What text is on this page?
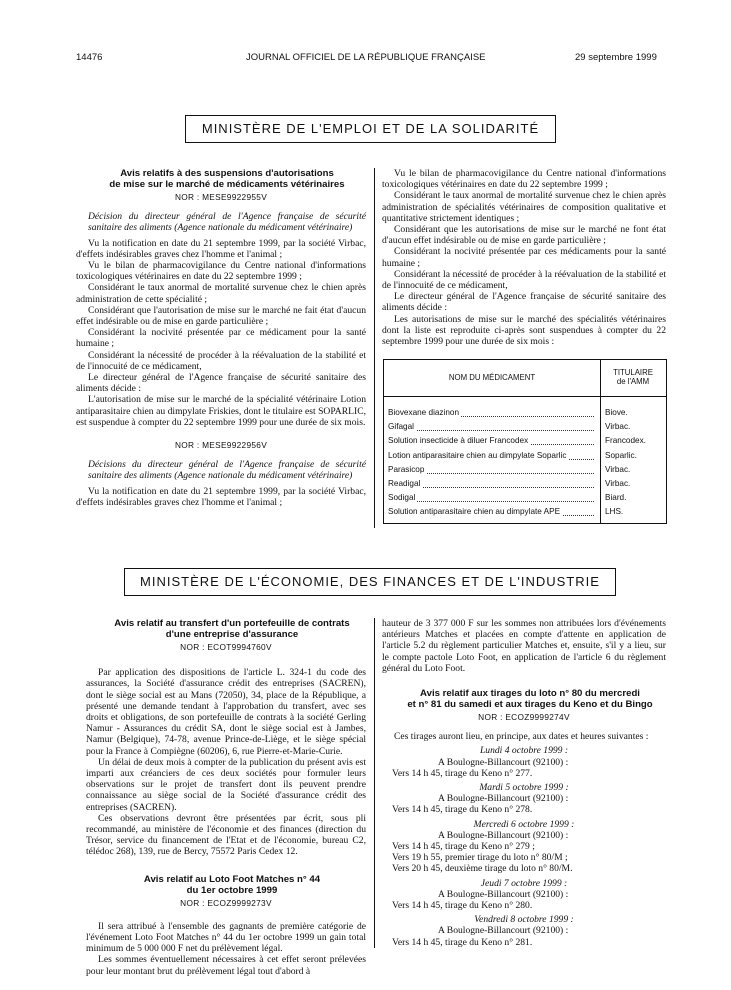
14476	JOURNAL OFFICIEL DE LA RÉPUBLIQUE FRANÇAISE	29 septembre 1999
MINISTÈRE DE L'EMPLOI ET DE LA SOLIDARITÉ

Avis relatifs à des suspensions d'autorisations

de mise sur le marché de médicaments vétérinaires

NOR : MESE9922955V

Décision du directeur général de l'Agence française de sécurité sanitaire des aliments (Agence nationale du médicament vétérinaire)

Vu la notification en date du 21 septembre 1999, par la société Virbac, d'effets indésirables graves chez l'homme et l'animal ;

Vu le bilan de pharmacovigilance du Centre national d'informations toxicologiques vétérinaires en date du 22 septembre 1999 ;

Considérant le taux anormal de mortalité survenue chez le chien après administration de cette spécialité ;

Considérant que l'autorisation de mise sur le marché ne fait état d'aucun effet indésirable ou de mise en garde particulière ;

Considérant la nocivité présentée par ce médicament pour la santé humaine ;

Considérant la nécessité de procéder à la réévaluation de la stabilité et de l'innocuité de ce médicament,

Le directeur général de l'Agence française de sécurité sanitaire des aliments décide :

L'autorisation de mise sur le marché de la spécialité vétérinaire Lotion antiparasitaire chien au dimpylate Friskies, dont le titulaire est SOPARLIC, est suspendue à compter du 22 septembre 1999 pour une durée de six mois.

NOR : MESE9922956V

Décisions du directeur général de l'Agence française de sécurité sanitaire des aliments (Agence nationale du médicament vétérinaire)

Vu la notification en date du 21 septembre 1999, par la société Virbac, d'effets indésirables graves chez l'homme et l'animal ;

Vu le bilan de pharmacovigilance du Centre national d'informations toxicologiques vétérinaires en date du 22 septembre 1999 ;

Considérant le taux anormal de mortalité survenue chez le chien après administration de spécialités vétérinaires de composition qualitative et quantitative strictement identiques ;

Considérant que les autorisations de mise sur le marché ne font état d'aucun effet indésirable ou de mise en garde particulière ;

Considérant la nocivité présentée par ces médicaments pour la santé humaine ;

Considérant la nécessité de procéder à la réévaluation de la stabilité et de l'innocuité de ce médicament,

Le directeur général de l'Agence française de sécurité sanitaire des aliments décide :

Les autorisations de mise sur le marché des spécialités vétérinaires dont la liste est reproduite ci-après sont suspendues à compter du 22 septembre 1999 pour une durée de six mois :

NOM DU MÉDICAMENT
TITULAIRE
de l'AMM
Biovexane diazinon	Biove.
Gifagal	Virbac.
Solution insecticide à diluer Francodex	Francodex.
Lotion antiparasitaire chien au dimpylate Soparlic	Soparlic.
Parasicop	Virbac.
Readigal	Virbac.
Sodigal	Biard.
Solution antiparasitaire chien au dimpylate APE	LHS.
MINISTÈRE DE L'ÉCONOMIE, DES FINANCES ET DE L'INDUSTRIE

Avis relatif au transfert d'un portefeuille de contrats

d'une entreprise d'assurance

NOR : ECOT9994760V

Par application des dispositions de l'article L. 324-1 du code des assurances, la Société d'assurance crédit des entreprises (SACREN), dont le siège social est au Mans (72050), 34, place de la République, a présenté une demande tendant à l'approbation du transfert, avec ses droits et obligations, de son portefeuille de contrats à la société Gerling Namur - Assurances du crédit SA, dont le siège social est à Jambes, Namur (Belgique), 74-78, avenue Prince-de-Liège, et le siège spécial pour la France à Compiègne (60206), 6, rue Pierre-et-Marie-Curie.

Un délai de deux mois à compter de la publication du présent avis est imparti aux créanciers de ces deux sociétés pour formuler leurs observations sur le projet de transfert dont ils peuvent prendre connaissance au siège social de la Société d'assurance crédit des entreprises (SACREN).

Ces observations devront être présentées par écrit, sous pli recommandé, au ministère de l'économie et des finances (direction du Trésor, service du financement de l'Etat et de l'économie, bureau C2, télédoc 268), 139, rue de Bercy, 75572 Paris Cedex 12.

Avis relatif au Loto Foot Matches n° 44

du 1er octobre 1999

NOR : ECOZ9999273V

Il sera attribué à l'ensemble des gagnants de première catégorie de l'événement Loto Foot Matches n° 44 du 1er octobre 1999 un gain total minimum de 5 000 000 F net du prélèvement légal.

Les sommes éventuellement nécessaires à cet effet seront prélevées pour leur montant brut du prélèvement légal tout d'abord à

hauteur de 3 377 000 F sur les sommes non attribuées lors d'événements antérieurs Matches et placées en compte d'attente en application de l'article 5.2 du règlement particulier Matches et, ensuite, s'il y a lieu, sur le compte pactole Loto Foot, en application de l'article 6 du règlement général du Loto Foot.

Avis relatif aux tirages du loto n° 80 du mercredi

et n° 81 du samedi et aux tirages du Keno et du Bingo

NOR : ECOZ9999274V

Ces tirages auront lieu, en principe, aux dates et heures suivantes :

Lundi 4 octobre 1999 :

A Boulogne-Billancourt (92100) :

Vers 14 h 45, tirage du Keno n° 277.

Mardi 5 octobre 1999 :

A Boulogne-Billancourt (92100) :

Vers 14 h 45, tirage du Keno n° 278.

Mercredi 6 octobre 1999 :

A Boulogne-Billancourt (92100) :

Vers 14 h 45, tirage du Keno n° 279 ;

Vers 19 h 55, premier tirage du loto n° 80/M ;

Vers 20 h 45, deuxième tirage du loto n° 80/M.

Jeudi 7 octobre 1999 :

A Boulogne-Billancourt (92100) :

Vers 14 h 45, tirage du Keno n° 280.

Vendredi 8 octobre 1999 :

A Boulogne-Billancourt (92100) :

Vers 14 h 45, tirage du Keno n° 281.
